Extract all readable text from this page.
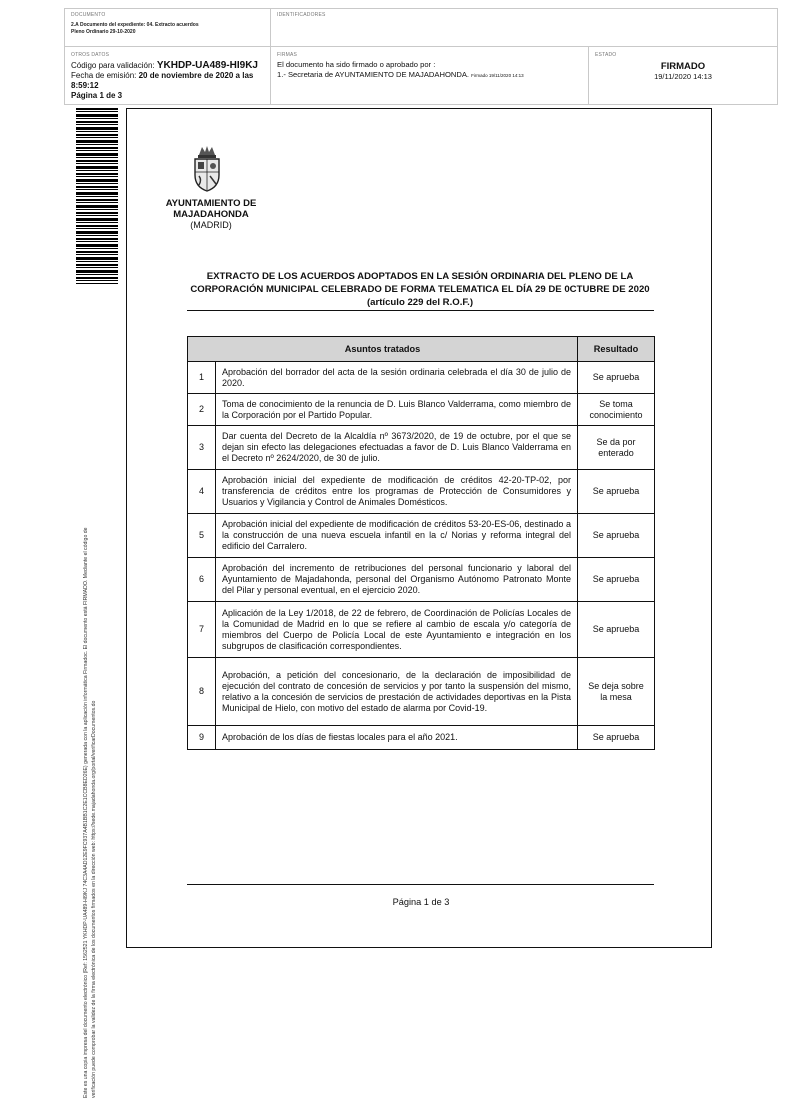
DOCUMENTO
2.A Documento del expediente: 04. Extracto acuerdos Pleno Ordinario 29-10-2020
IDENTIFICADORES
OTROS DATOS
Código para validación: YKHDP-UA489-HI9KJ
Fecha de emisión: 20 de noviembre de 2020 a las 8:59:12
Página 1 de 3
FIRMAS
El documento ha sido firmado o aprobado por :
1.- Secretaria de AYUNTAMIENTO DE MAJADAHONDA. Firmado 19/11/2020 14:13
ESTADO
FIRMADO
19/11/2020 14:13
Este es una copia impresa del documento electrónico (Ref: 1562521 YKHDP-UA489-HI9KJ 74C3A4AD12E9FC937A4B1BB1C2E1CCB8ED26E) generada con la aplicación informática Firmadoc. El documento está FIRMADO. Mediante el código de verificación puede comprobar la validez de la firma electrónica de los documentos firmados en la dirección web: https://sede.majadahonda.org/portal/verificarDocumentos.do
AYUNTAMIENTO DE
MAJADAHONDA
(MADRID)
EXTRACTO DE LOS ACUERDOS ADOPTADOS EN LA SESIÓN ORDINARIA DEL PLENO DE LA
CORPORACIÓN MUNICIPAL CELEBRADO DE FORMA TELEMATICA EL DÍA 29 DE 0CTUBRE DE 2020
(artículo 229 del R.O.F.)
Asuntos tratados		Resultado
1	Aprobación del borrador del acta de la sesión ordinaria celebrada el día 30 de julio de 2020.	Se aprueba
2	Toma de conocimiento de la renuncia de D. Luis Blanco Valderrama, como miembro de la Corporación por el Partido Popular.	Se toma conocimiento
3	Dar cuenta del Decreto de la Alcaldía nº 3673/2020, de 19 de octubre, por el que se dejan sin efecto las delegaciones efectuadas a favor de D. Luis Blanco Valderrama en el Decreto nº 2624/2020, de 30 de julio.	Se da por enterado
4	Aprobación inicial del expediente de modificación de créditos 42-20-TP-02, por transferencia de créditos entre los programas de Protección de Consumidores y Usuarios y Vigilancia y Control de Animales Domésticos.	Se aprueba
5	Aprobación inicial del expediente de modificación de créditos 53-20-ES-06, destinado a la construcción de una nueva escuela infantil en la c/ Norias y reforma integral del edificio del Carralero.	Se aprueba
6	Aprobación del incremento de retribuciones del personal funcionario y laboral del Ayuntamiento de Majadahonda, personal del Organismo Autónomo Patronato Monte del Pilar y personal eventual, en el ejercicio 2020.	Se aprueba
7	Aplicación de la Ley 1/2018, de 22 de febrero, de Coordinación de Policías Locales de la Comunidad de Madrid en lo que se refiere al cambio de escala y/o categoría de miembros del Cuerpo de Policía Local de este Ayuntamiento e integración en los subgrupos de clasificación correspondientes.	Se aprueba
8	Aprobación, a petición del concesionario, de la declaración de imposibilidad de ejecución del contrato de concesión de servicios y por tanto la suspensión del mismo, relativo a la concesión de servicios de prestación de actividades deportivas en la Pista Municipal de Hielo, con motivo del estado de alarma por Covid-19.	Se deja sobre la mesa
9	Aprobación de los días de fiestas locales para el año 2021.	Se aprueba
Página 1 de 3
